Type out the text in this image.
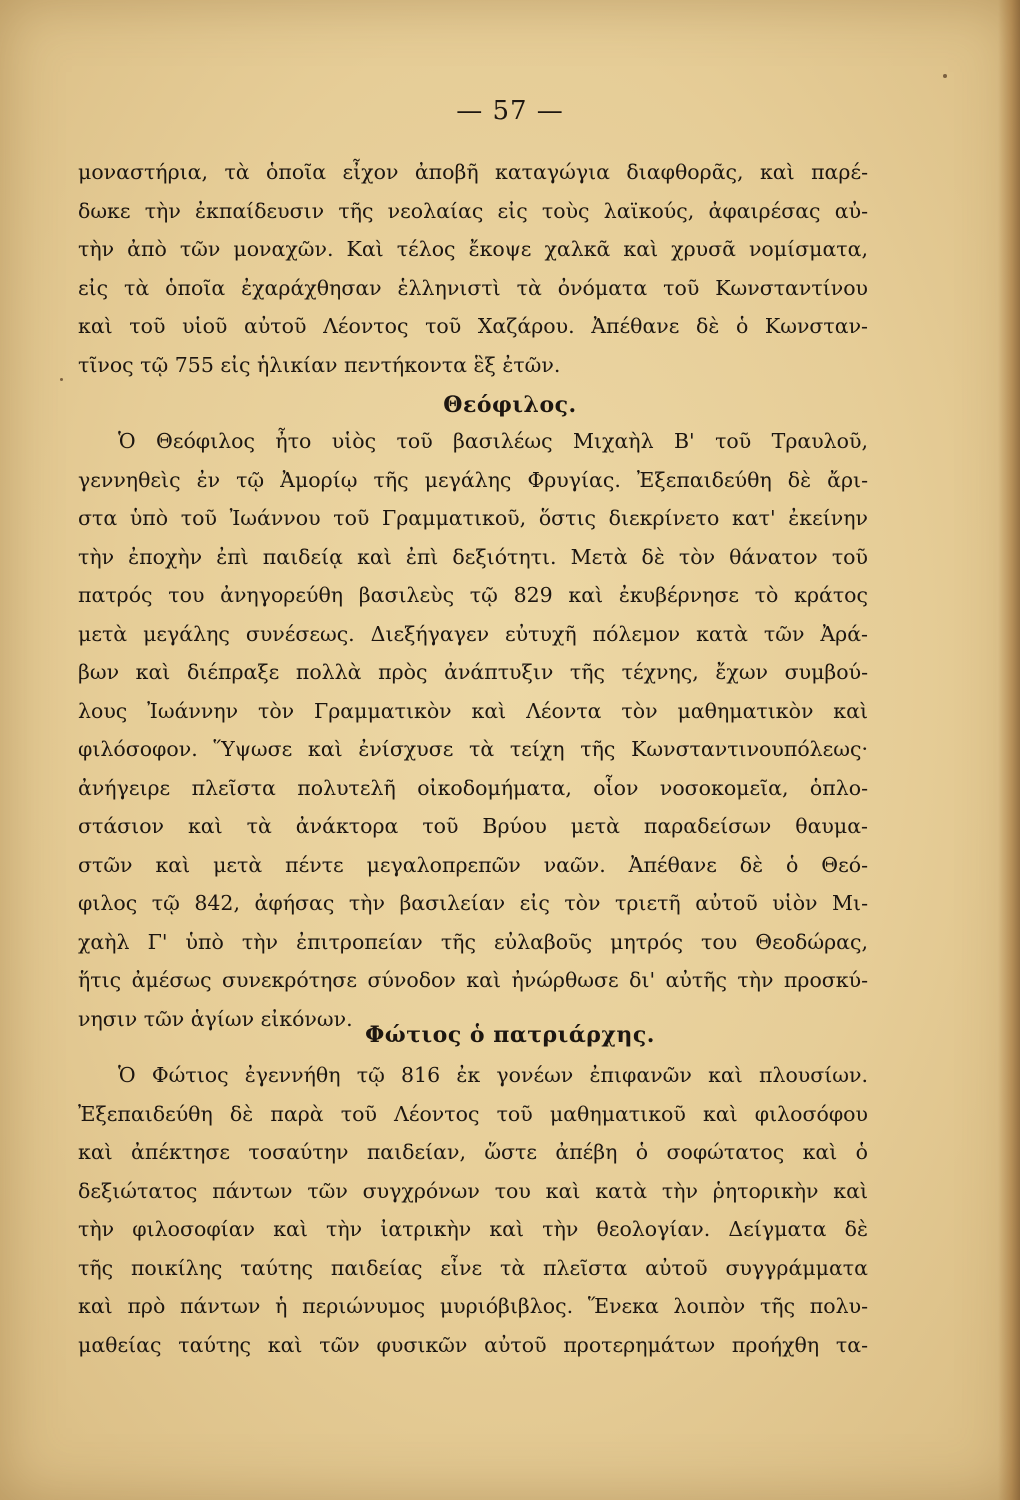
— 57 —
μοναστήρια, τὰ ὁποῖα εἶχον ἀποβῆ καταγώγια διαφθορᾶς, καὶ παρέ-
δωκε τὴν ἐκπαίδευσιν τῆς νεολαίας εἰς τοὺς λαϊκούς, ἀφαιρέσας αὐ-
τὴν ἀπὸ τῶν μοναχῶν. Καὶ τέλος ἔκοψε χαλκᾶ καὶ χρυσᾶ νομίσματα,
εἰς τὰ ὁποῖα ἐχαράχθησαν ἑλληνιστὶ τὰ ὀνόματα τοῦ Κωνσταντίνου
καὶ τοῦ υἱοῦ αὐτοῦ Λέοντος τοῦ Χαζάρου. Ἀπέθανε δὲ ὁ Κωνσταν-
τῖνος τῷ 755 εἰς ἡλικίαν πεντήκοντα ἓξ ἐτῶν.
Θεόφιλος.
Ὁ Θεόφιλος ἦτο υἱὸς τοῦ βασιλέως Μιχαὴλ Β' τοῦ Τραυλοῦ,
γεννηθεὶς ἐν τῷ Ἀμορίῳ τῆς μεγάλης Φρυγίας. Ἐξεπαιδεύθη δὲ ἄρι-
στα ὑπὸ τοῦ Ἰωάννου τοῦ Γραμματικοῦ, ὅστις διεκρίνετο κατ' ἐκείνην
τὴν ἐποχὴν ἐπὶ παιδείᾳ καὶ ἐπὶ δεξιότητι. Μετὰ δὲ τὸν θάνατον τοῦ
πατρός του ἀνηγορεύθη βασιλεὺς τῷ 829 καὶ ἐκυβέρνησε τὸ κράτος
μετὰ μεγάλης συνέσεως. Διεξήγαγεν εὐτυχῆ πόλεμον κατὰ τῶν Ἀρά-
βων καὶ διέπραξε πολλὰ πρὸς ἀνάπτυξιν τῆς τέχνης, ἔχων συμβού-
λους Ἰωάννην τὸν Γραμματικὸν καὶ Λέοντα τὸν μαθηματικὸν καὶ
φιλόσοφον. Ὕψωσε καὶ ἐνίσχυσε τὰ τείχη τῆς Κωνσταντινουπόλεως·
ἀνήγειρε πλεῖστα πολυτελῆ οἰκοδομήματα, οἷον νοσοκομεῖα, ὁπλο-
στάσιον καὶ τὰ ἀνάκτορα τοῦ Βρύου μετὰ παραδείσων θαυμα-
στῶν καὶ μετὰ πέντε μεγαλοπρεπῶν ναῶν. Ἀπέθανε δὲ ὁ Θεό-
φιλος τῷ 842, ἀφήσας τὴν βασιλείαν εἰς τὸν τριετῆ αὐτοῦ υἱὸν Μι-
χαὴλ Γ' ὑπὸ τὴν ἐπιτροπείαν τῆς εὐλαβοῦς μητρός του Θεοδώρας,
ἥτις ἀμέσως συνεκρότησε σύνοδον καὶ ἠνώρθωσε δι' αὐτῆς τὴν προσκύ-
νησιν τῶν ἁγίων εἰκόνων.
Φώτιος ὁ πατριάρχης.
Ὁ Φώτιος ἐγεννήθη τῷ 816 ἐκ γονέων ἐπιφανῶν καὶ πλουσίων.
Ἐξεπαιδεύθη δὲ παρὰ τοῦ Λέοντος τοῦ μαθηματικοῦ καὶ φιλοσόφου
καὶ ἀπέκτησε τοσαύτην παιδείαν, ὥστε ἀπέβη ὁ σοφώτατος καὶ ὁ
δεξιώτατος πάντων τῶν συγχρόνων του καὶ κατὰ τὴν ῥητορικὴν καὶ
τὴν φιλοσοφίαν καὶ τὴν ἰατρικὴν καὶ τὴν θεολογίαν. Δείγματα δὲ
τῆς ποικίλης ταύτης παιδείας εἶνε τὰ πλεῖστα αὐτοῦ συγγράμματα
καὶ πρὸ πάντων ἡ περιώνυμος μυριόβιβλος. Ἕνεκα λοιπὸν τῆς πολυ-
μαθείας ταύτης καὶ τῶν φυσικῶν αὐτοῦ προτερημάτων προήχθη τα-
